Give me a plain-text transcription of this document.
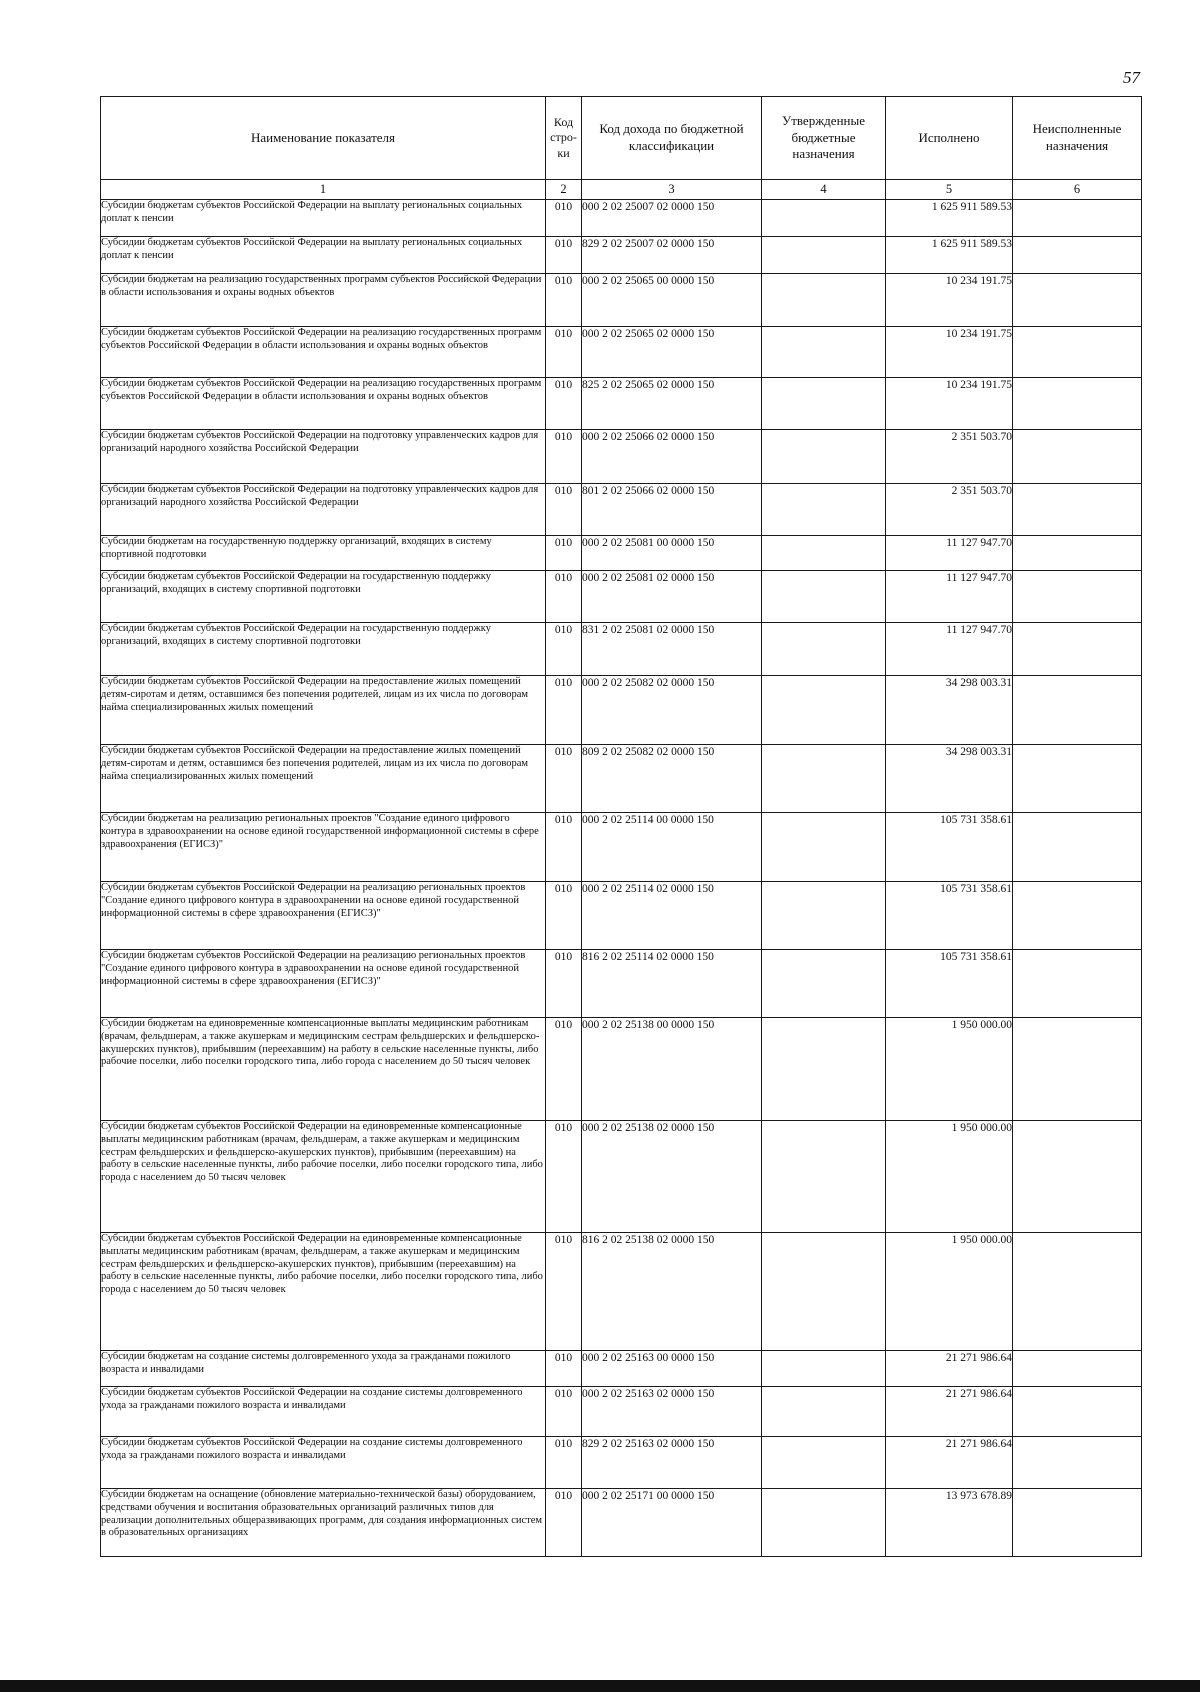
57
Наименование показателя	Код стро-ки	Код дохода по бюджетной классификации	Утвержденные бюджетные назначения	Исполнено	Неисполненные назначения
1	2	3	4	5	6
Субсидии бюджетам субъектов Российской Федерации на выплату региональных социальных доплат к пенсии	010	000 2 02 25007 02 0000 150		1 625 911 589.53	
Субсидии бюджетам субъектов Российской Федерации на выплату региональных социальных доплат к пенсии	010	829 2 02 25007 02 0000 150		1 625 911 589.53	
Субсидии бюджетам на реализацию государственных программ субъектов Российской Федерации в области использования и охраны водных объектов	010	000 2 02 25065 00 0000 150		10 234 191.75	
Субсидии бюджетам субъектов Российской Федерации на реализацию государственных программ субъектов Российской Федерации в области использования и охраны водных объектов	010	000 2 02 25065 02 0000 150		10 234 191.75	
Субсидии бюджетам субъектов Российской Федерации на реализацию государственных программ субъектов Российской Федерации в области использования и охраны водных объектов	010	825 2 02 25065 02 0000 150		10 234 191.75	
Субсидии бюджетам субъектов Российской Федерации на подготовку управленческих кадров для организаций народного хозяйства Российской Федерации	010	000 2 02 25066 02 0000 150		2 351 503.70	
Субсидии бюджетам субъектов Российской Федерации на подготовку управленческих кадров для организаций народного хозяйства Российской Федерации	010	801 2 02 25066 02 0000 150		2 351 503.70	
Субсидии бюджетам на государственную поддержку организаций, входящих в систему спортивной подготовки	010	000 2 02 25081 00 0000 150		11 127 947.70	
Субсидии бюджетам субъектов Российской Федерации на государственную поддержку организаций, входящих в систему спортивной подготовки	010	000 2 02 25081 02 0000 150		11 127 947.70	
Субсидии бюджетам субъектов Российской Федерации на государственную поддержку организаций, входящих в систему спортивной подготовки	010	831 2 02 25081 02 0000 150		11 127 947.70	
Субсидии бюджетам субъектов Российской Федерации на предоставление жилых помещений детям-сиротам и детям, оставшимся без попечения родителей, лицам из их числа по договорам найма специализированных жилых помещений	010	000 2 02 25082 02 0000 150		34 298 003.31	
Субсидии бюджетам субъектов Российской Федерации на предоставление жилых помещений детям-сиротам и детям, оставшимся без попечения родителей, лицам из их числа по договорам найма специализированных жилых помещений	010	809 2 02 25082 02 0000 150		34 298 003.31	
Субсидии бюджетам на реализацию региональных проектов "Создание единого цифрового контура в здравоохранении на основе единой государственной информационной системы в сфере здравоохранения (ЕГИСЗ)"	010	000 2 02 25114 00 0000 150		105 731 358.61	
Субсидии бюджетам субъектов Российской Федерации на реализацию региональных проектов "Создание единого цифрового контура в здравоохранении на основе единой государственной информационной системы в сфере здравоохранения (ЕГИСЗ)"	010	000 2 02 25114 02 0000 150		105 731 358.61	
Субсидии бюджетам субъектов Российской Федерации на реализацию региональных проектов "Создание единого цифрового контура в здравоохранении на основе единой государственной информационной системы в сфере здравоохранения (ЕГИСЗ)"	010	816 2 02 25114 02 0000 150		105 731 358.61	
Субсидии бюджетам на единовременные компенсационные выплаты медицинским работникам (врачам, фельдшерам, а также акушеркам и медицинским сестрам фельдшерских и фельдшерско-акушерских пунктов), прибывшим (переехавшим) на работу в сельские населенные пункты, либо рабочие поселки, либо поселки городского типа, либо города с населением до 50 тысяч человек	010	000 2 02 25138 00 0000 150		1 950 000.00	
Субсидии бюджетам субъектов Российской Федерации на единовременные компенсационные выплаты медицинским работникам (врачам, фельдшерам, а также акушеркам и медицинским сестрам фельдшерских и фельдшерско-акушерских пунктов), прибывшим (переехавшим) на работу в сельские населенные пункты, либо рабочие поселки, либо поселки городского типа, либо города с населением до 50 тысяч человек	010	000 2 02 25138 02 0000 150		1 950 000.00	
Субсидии бюджетам субъектов Российской Федерации на единовременные компенсационные выплаты медицинским работникам (врачам, фельдшерам, а также акушеркам и медицинским сестрам фельдшерских и фельдшерско-акушерских пунктов), прибывшим (переехавшим) на работу в сельские населенные пункты, либо рабочие поселки, либо поселки городского типа, либо города с населением до 50 тысяч человек	010	816 2 02 25138 02 0000 150		1 950 000.00	
Субсидии бюджетам на создание системы долговременного ухода за гражданами пожилого возраста и инвалидами	010	000 2 02 25163 00 0000 150		21 271 986.64	
Субсидии бюджетам субъектов Российской Федерации на создание системы долговременного ухода за гражданами пожилого возраста и инвалидами	010	000 2 02 25163 02 0000 150		21 271 986.64	
Субсидии бюджетам субъектов Российской Федерации на создание системы долговременного ухода за гражданами пожилого возраста и инвалидами	010	829 2 02 25163 02 0000 150		21 271 986.64	
Субсидии бюджетам на оснащение (обновление материально-технической базы) оборудованием, средствами обучения и воспитания образовательных организаций различных типов для реализации дополнительных общеразвивающих программ, для создания информационных систем в образовательных организациях	010	000 2 02 25171 00 0000 150		13 973 678.89	
